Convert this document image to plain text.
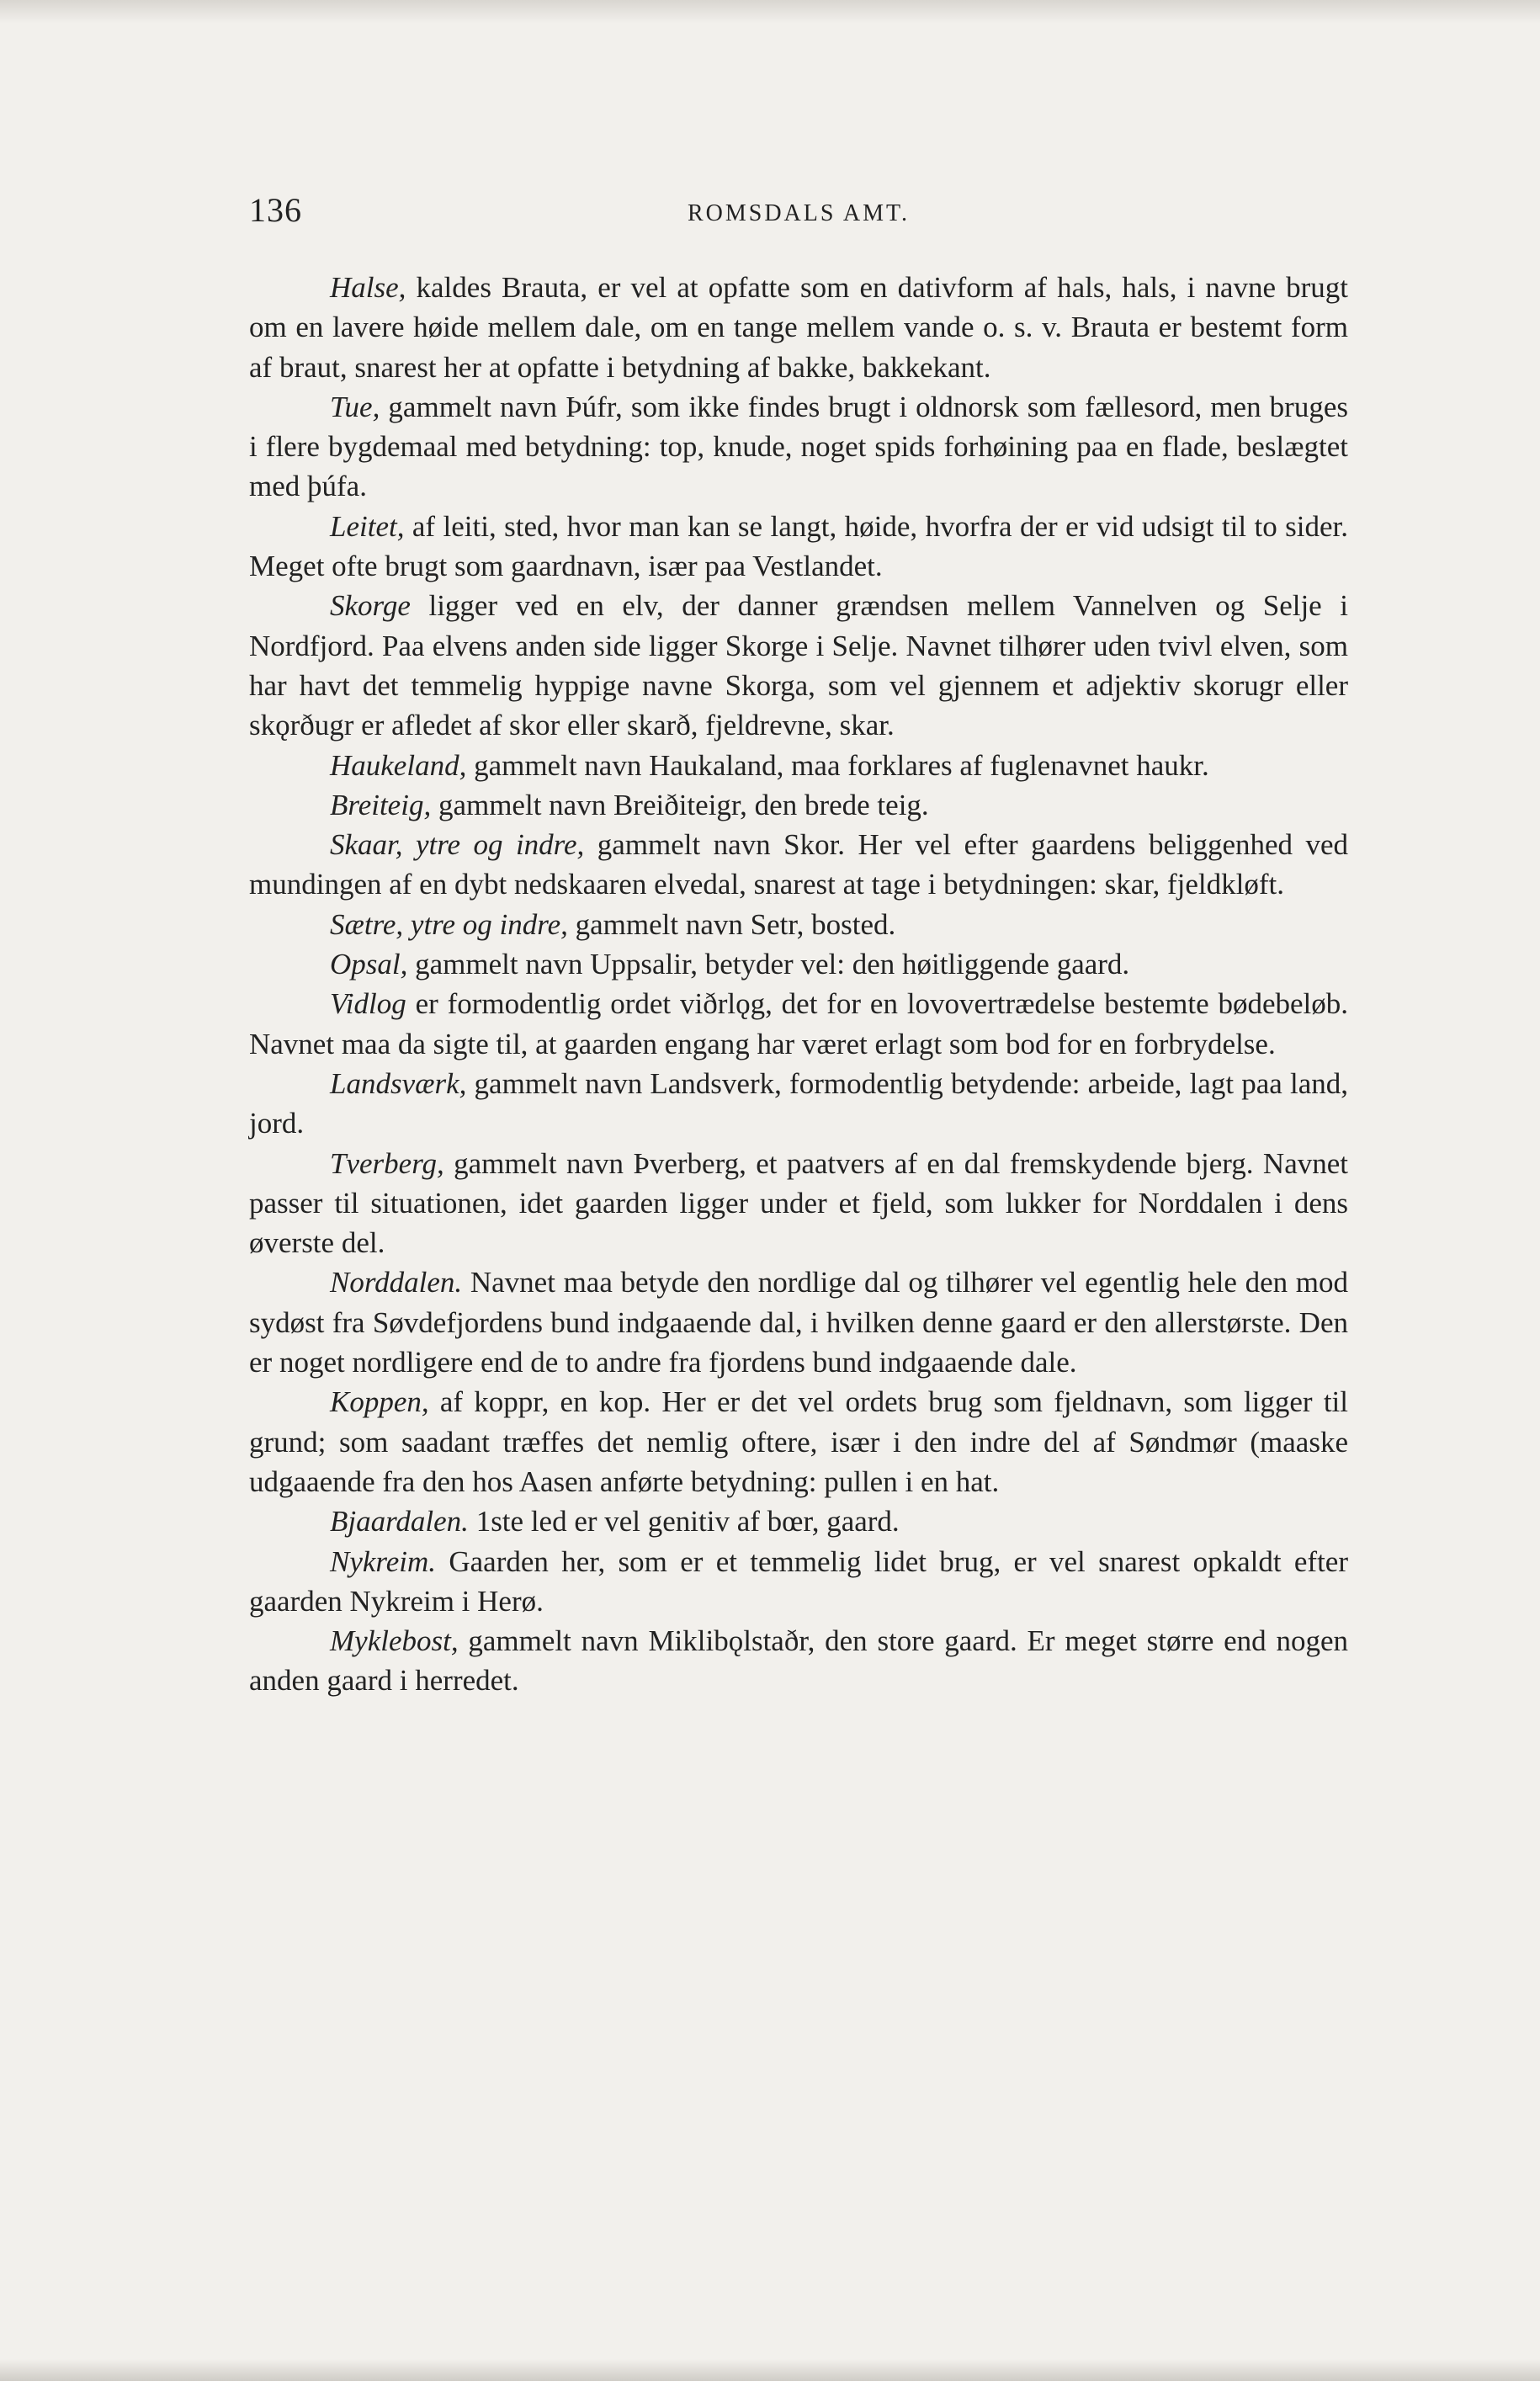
136	ROMSDALS AMT.

Halse, kaldes Brauta, er vel at opfatte som en dativform af hals, hals, i navne brugt om en lavere høide mellem dale, om en tange mellem vande o. s. v. Brauta er bestemt form af braut, snarest her at opfatte i betydning af bakke, bakkekant.

Tue, gammelt navn Þúfr, som ikke findes brugt i oldnorsk som fællesord, men bruges i flere bygdemaal med betydning: top, knude, noget spids forhøining paa en flade, beslægtet med þúfa.

Leitet, af leiti, sted, hvor man kan se langt, høide, hvorfra der er vid udsigt til to sider. Meget ofte brugt som gaardnavn, især paa Vestlandet.

Skorge ligger ved en elv, der danner grændsen mellem Vannelven og Selje i Nordfjord. Paa elvens anden side ligger Skorge i Selje. Navnet tilhører uden tvivl elven, som har havt det temmelig hyppige navne Skorga, som vel gjennem et adjektiv skorugr eller skǫrðugr er afledet af skor eller skarð, fjeldrevne, skar.

Haukeland, gammelt navn Haukaland, maa forklares af fuglenavnet haukr.

Breiteig, gammelt navn Breiðiteigr, den brede teig.

Skaar, ytre og indre, gammelt navn Skor. Her vel efter gaardens beliggenhed ved mundingen af en dybt nedskaaren elvedal, snarest at tage i betydningen: skar, fjeldkløft.

Sætre, ytre og indre, gammelt navn Setr, bosted.

Opsal, gammelt navn Uppsalir, betyder vel: den høitliggende gaard.

Vidlog er formodentlig ordet viðrlǫg, det for en lovovertrædelse bestemte bødebeløb. Navnet maa da sigte til, at gaarden engang har været erlagt som bod for en forbrydelse.

Landsværk, gammelt navn Landsverk, formodentlig betydende: arbeide, lagt paa land, jord.

Tverberg, gammelt navn Þverberg, et paatvers af en dal fremskydende bjerg. Navnet passer til situationen, idet gaarden ligger under et fjeld, som lukker for Norddalen i dens øverste del.

Norddalen. Navnet maa betyde den nordlige dal og tilhører vel egentlig hele den mod sydøst fra Søvdefjordens bund indgaaende dal, i hvilken denne gaard er den allerstørste. Den er noget nordligere end de to andre fra fjordens bund indgaaende dale.

Koppen, af koppr, en kop. Her er det vel ordets brug som fjeldnavn, som ligger til grund; som saadant træffes det nemlig oftere, især i den indre del af Søndmør (maaske udgaaende fra den hos Aasen anførte betydning: pullen i en hat.

Bjaardalen. 1ste led er vel genitiv af bœr, gaard.

Nykreim. Gaarden her, som er et temmelig lidet brug, er vel snarest opkaldt efter gaarden Nykreim i Herø.

Myklebost, gammelt navn Miklibǫlstaðr, den store gaard. Er meget større end nogen anden gaard i herredet.
